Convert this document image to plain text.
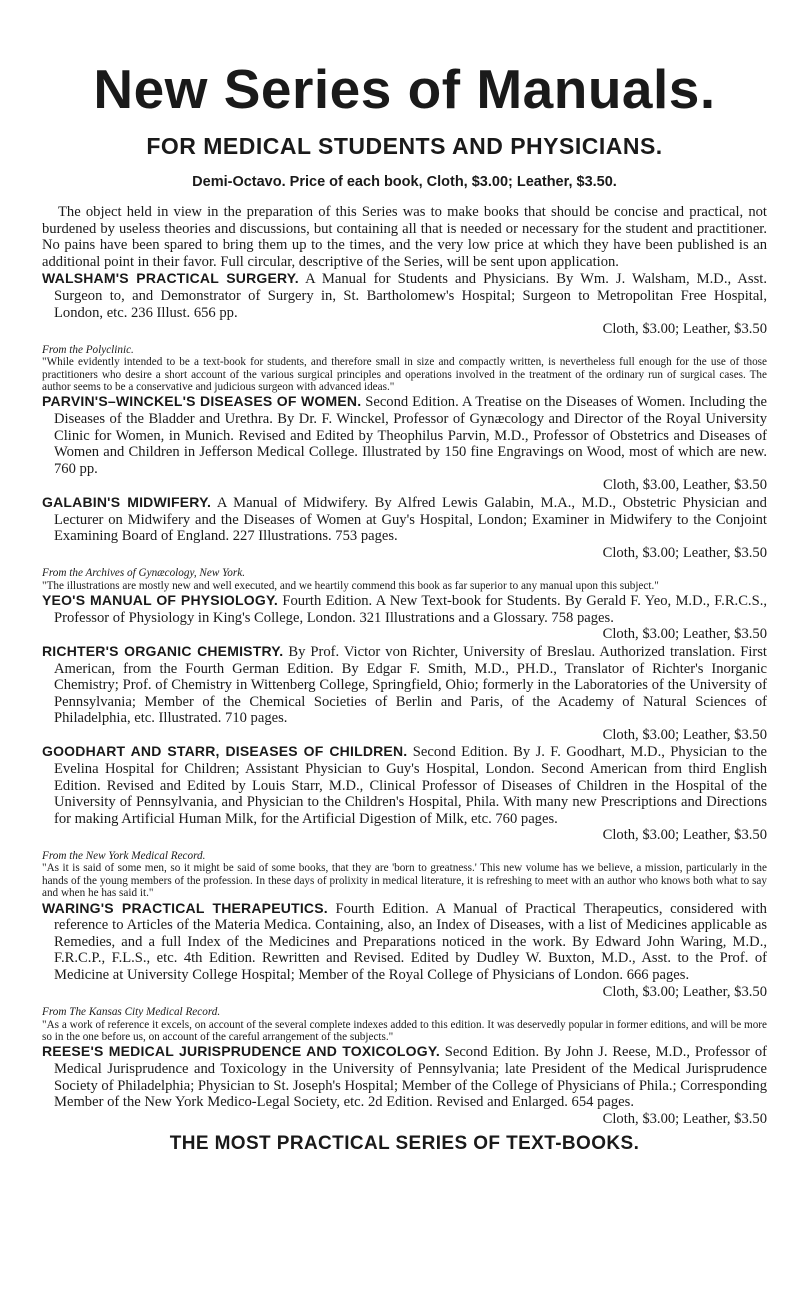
New Series of Manuals.
FOR MEDICAL STUDENTS AND PHYSICIANS.
Demi-Octavo. Price of each book, Cloth, $3.00; Leather, $3.50.

The object held in view in the preparation of this Series was to make books that should be concise and practical, not burdened by useless theories and discussions, but containing all that is needed or necessary for the student and practitioner. No pains have been spared to bring them up to the times, and the very low price at which they have been published is an additional point in their favor. Full circular, descriptive of the Series, will be sent upon application.

WALSHAM'S PRACTICAL SURGERY. A Manual for Students and Physicians. By Wm. J. Walsham, M.D., Asst. Surgeon to, and Demonstrator of Surgery in, St. Bartholomew's Hospital; Surgeon to Metropolitan Free Hospital, London, etc. 236 Illust. 656 pp.
Cloth, $3.00; Leather, $3.50

From the Polyclinic.
"While evidently intended to be a text-book for students, and therefore small in size and compactly written, is nevertheless full enough for the use of those practitioners who desire a short account of the various surgical principles and operations involved in the treatment of the ordinary run of surgical cases. The author seems to be a conservative and judicious surgeon with advanced ideas."

PARVIN'S–WINCKEL'S DISEASES OF WOMEN. Second Edition. A Treatise on the Diseases of Women. Including the Diseases of the Bladder and Urethra. By Dr. F. Winckel, Professor of Gynæcology and Director of the Royal University Clinic for Women, in Munich. Revised and Edited by Theophilus Parvin, M.D., Professor of Obstetrics and Diseases of Women and Children in Jefferson Medical College. Illustrated by 150 fine Engravings on Wood, most of which are new. 760 pp.
Cloth, $3.00, Leather, $3.50

GALABIN'S MIDWIFERY. A Manual of Midwifery. By Alfred Lewis Galabin, M.A., M.D., Obstetric Physician and Lecturer on Midwifery and the Diseases of Women at Guy's Hospital, London; Examiner in Midwifery to the Conjoint Examining Board of England. 227 Illustrations. 753 pages.
Cloth, $3.00; Leather, $3.50

From the Archives of Gynæcology, New York.
"The illustrations are mostly new and well executed, and we heartily commend this book as far superior to any manual upon this subject."

YEO'S MANUAL OF PHYSIOLOGY. Fourth Edition. A New Text-book for Students. By Gerald F. Yeo, M.D., F.R.C.S., Professor of Physiology in King's College, London. 321 Illustrations and a Glossary. 758 pages.
Cloth, $3.00; Leather, $3.50

RICHTER'S ORGANIC CHEMISTRY. By Prof. Victor von Richter, University of Breslau. Authorized translation. First American, from the Fourth German Edition. By Edgar F. Smith, M.D., PH.D., Translator of Richter's Inorganic Chemistry; Prof. of Chemistry in Wittenberg College, Springfield, Ohio; formerly in the Laboratories of the University of Pennsylvania; Member of the Chemical Societies of Berlin and Paris, of the Academy of Natural Sciences of Philadelphia, etc. Illustrated. 710 pages.
Cloth, $3.00; Leather, $3.50

GOODHART AND STARR, DISEASES OF CHILDREN. Second Edition. By J. F. Goodhart, M.D., Physician to the Evelina Hospital for Children; Assistant Physician to Guy's Hospital, London. Second American from third English Edition. Revised and Edited by Louis Starr, M.D., Clinical Professor of Diseases of Children in the Hospital of the University of Pennsylvania, and Physician to the Children's Hospital, Phila. With many new Prescriptions and Directions for making Artificial Human Milk, for the Artificial Digestion of Milk, etc. 760 pages.
Cloth, $3.00; Leather, $3.50

From the New York Medical Record.
"As it is said of some men, so it might be said of some books, that they are 'born to greatness.' This new volume has we believe, a mission, particularly in the hands of the young members of the profession. In these days of prolixity in medical literature, it is refreshing to meet with an author who knows both what to say and when he has said it."

WARING'S PRACTICAL THERAPEUTICS. Fourth Edition. A Manual of Practical Therapeutics, considered with reference to Articles of the Materia Medica. Containing, also, an Index of Diseases, with a list of Medicines applicable as Remedies, and a full Index of the Medicines and Preparations noticed in the work. By Edward John Waring, M.D., F.R.C.P., F.L.S., etc. 4th Edition. Rewritten and Revised. Edited by Dudley W. Buxton, M.D., Asst. to the Prof. of Medicine at University College Hospital; Member of the Royal College of Physicians of London. 666 pages.
Cloth, $3.00; Leather, $3.50

From The Kansas City Medical Record.
"As a work of reference it excels, on account of the several complete indexes added to this edition. It was deservedly popular in former editions, and will be more so in the one before us, on account of the careful arrangement of the subjects."

REESE'S MEDICAL JURISPRUDENCE AND TOXICOLOGY. Second Edition. By John J. Reese, M.D., Professor of Medical Jurisprudence and Toxicology in the University of Pennsylvania; late President of the Medical Jurisprudence Society of Philadelphia; Physician to St. Joseph's Hospital; Member of the College of Physicians of Phila.; Corresponding Member of the New York Medico-Legal Society, etc. 2d Edition. Revised and Enlarged. 654 pages.
Cloth, $3.00; Leather, $3.50

THE MOST PRACTICAL SERIES OF TEXT-BOOKS.
